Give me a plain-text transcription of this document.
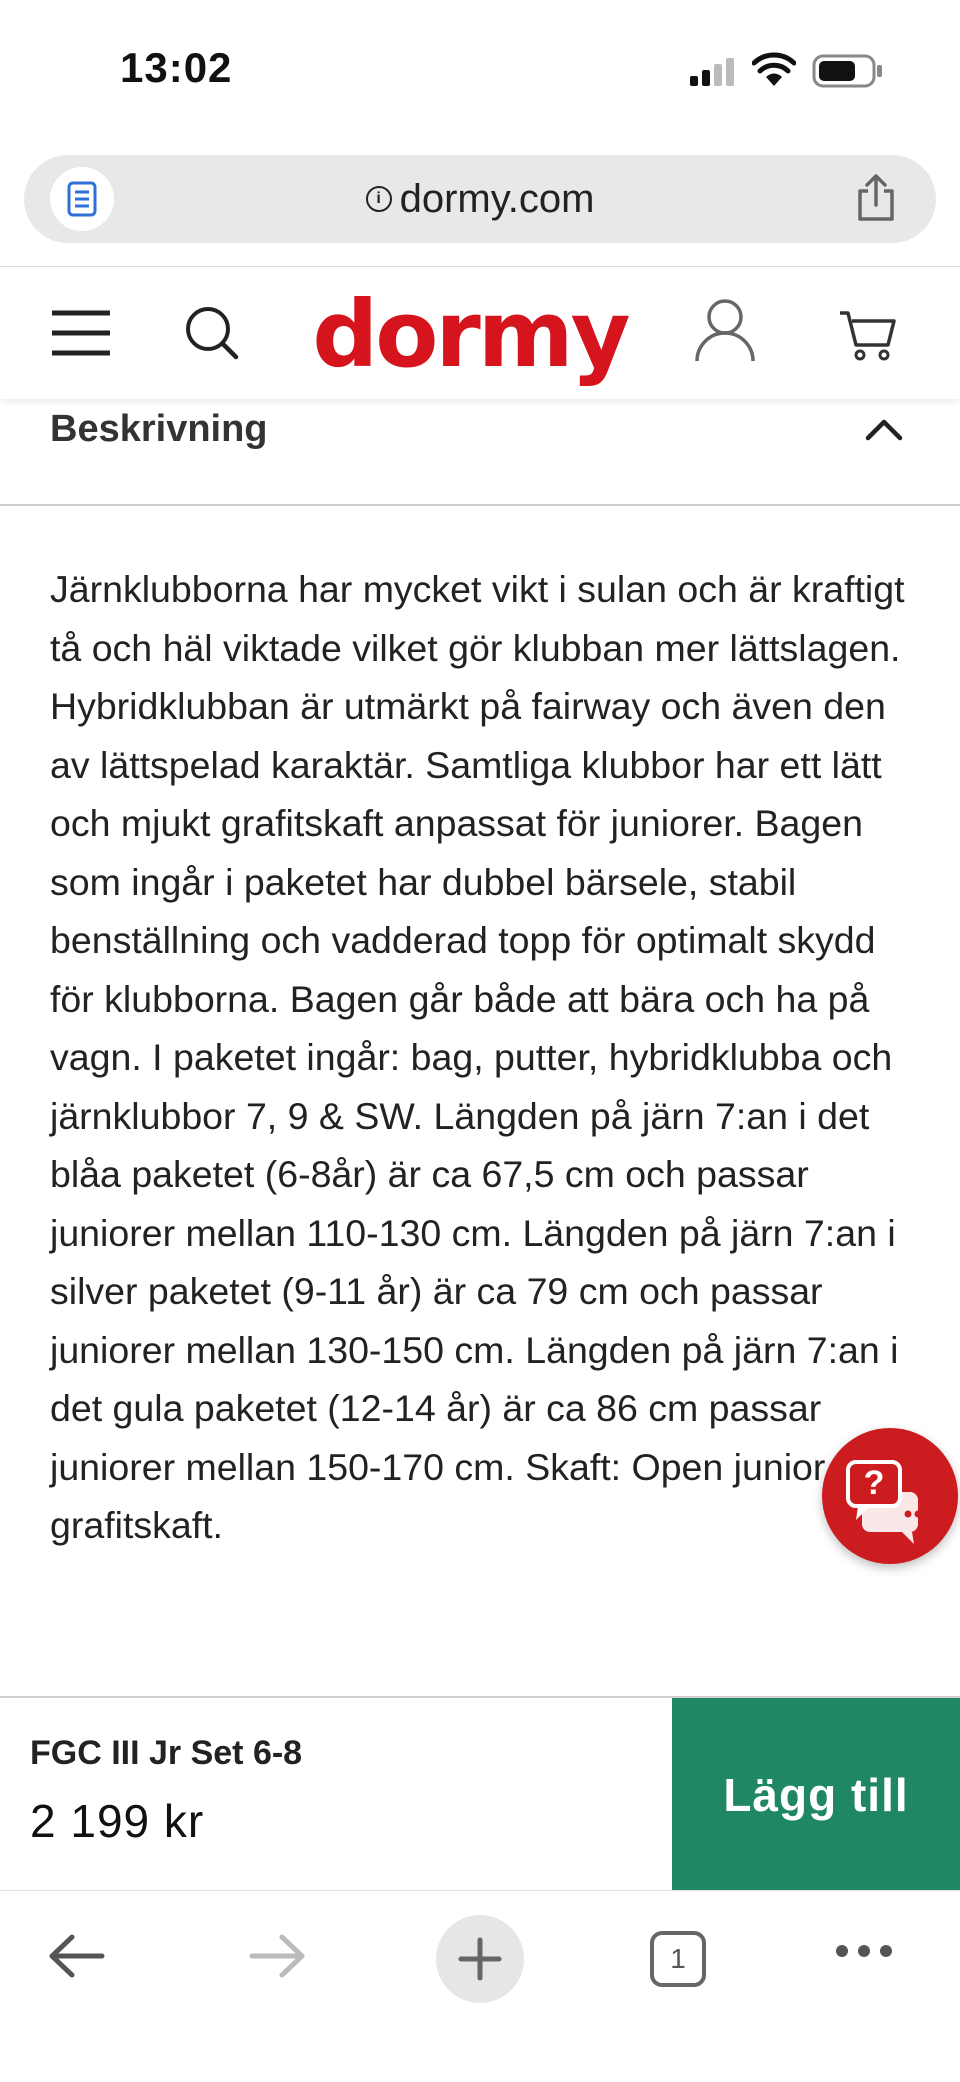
13:02
i dormy.com
dormy
Beskrivning
Järnklubborna har mycket vikt i sulan och är kraftigt tå och häl viktade vilket gör klubban mer lättslagen. Hybridklubban är utmärkt på fairway och även den av lättspelad karaktär. Samtliga klubbor har ett lätt och mjukt grafitskaft anpassat för juniorer. Bagen som ingår i paketet har dubbel bärsele, stabil benställning och vadderad topp för optimalt skydd för klubborna. Bagen går både att bära och ha på vagn. I paketet ingår: bag, putter, hybridklubba och järnklubbor 7, 9 & SW. Längden på järn 7:an i det blåa paketet (6-8år) är ca 67,5 cm och passar juniorer mellan 110-130 cm. Längden på järn 7:an i silver paketet (9-11 år) är ca 79 cm och passar juniorer mellan 130-150 cm. Längden på järn 7:an i det gula paketet (12-14 år) är ca 86 cm passar juniorer mellan 150-170 cm. Skaft: Open junior grafitskaft.
?
FGC III Jr Set 6-8
2 199 kr	Lägg till
1
